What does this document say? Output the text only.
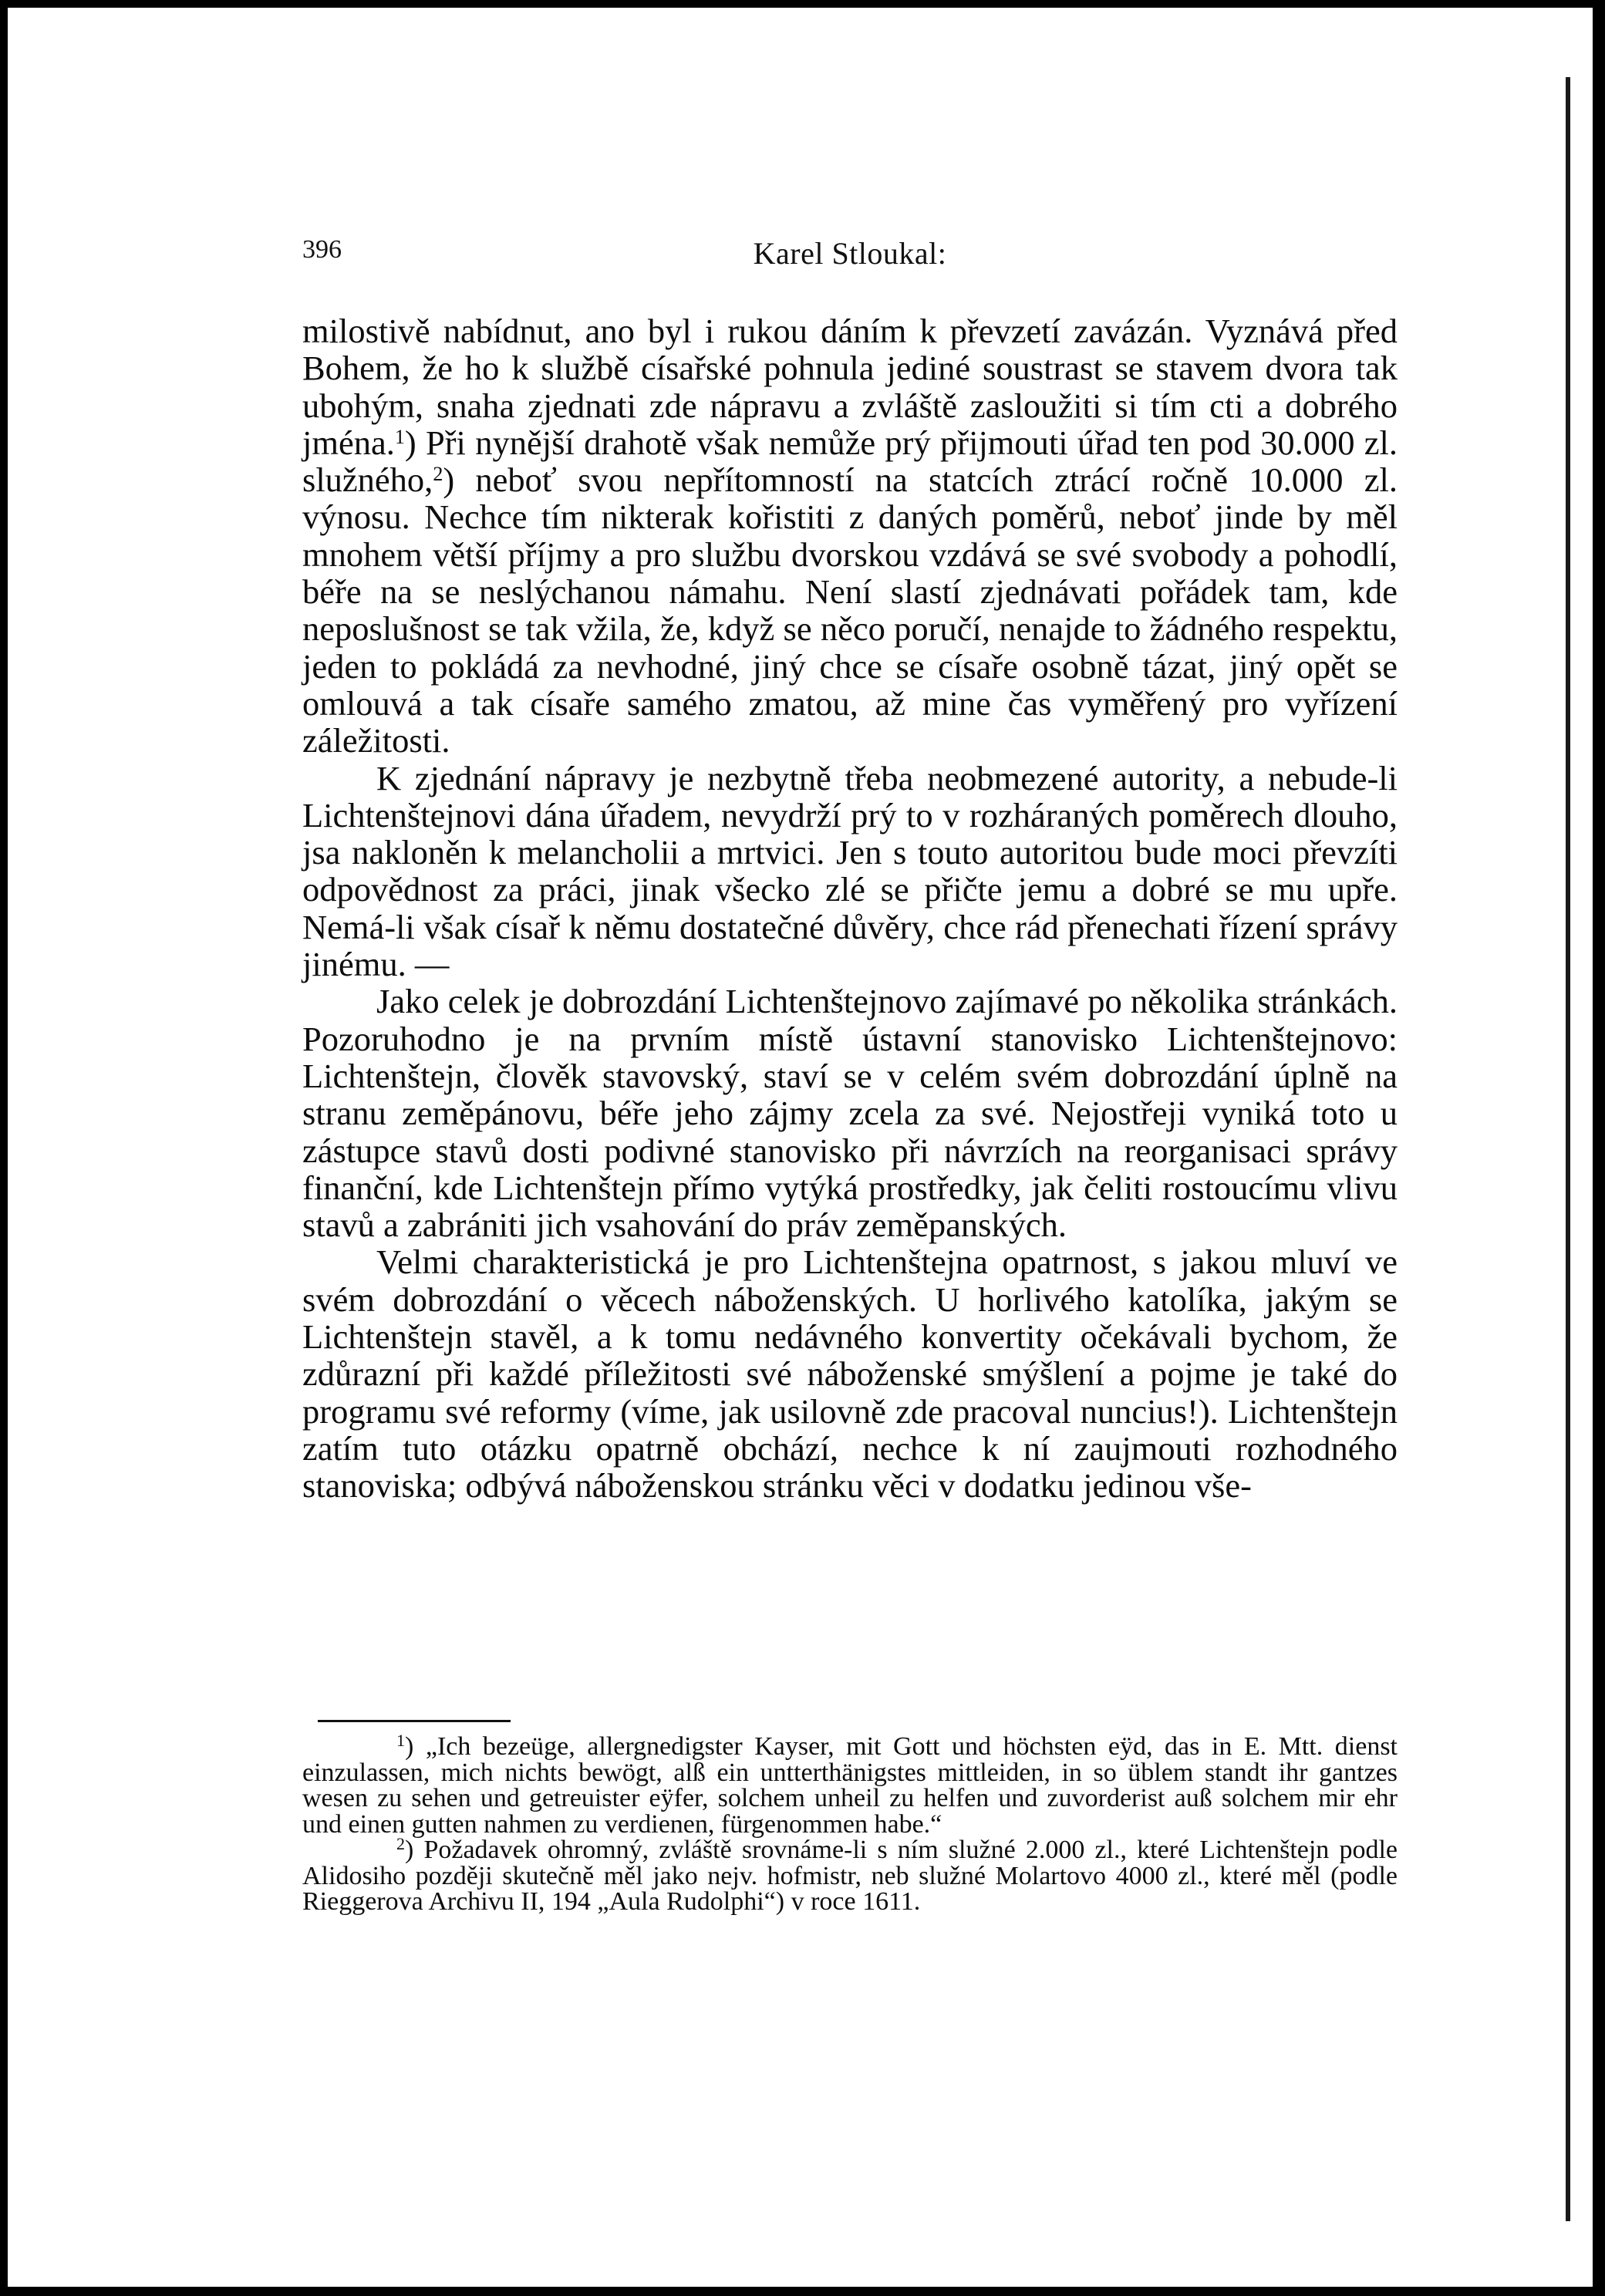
396	Karel Stloukal:

milostivě nabídnut, ano byl i rukou dáním k převzetí zavázán. Vyznává před Bohem, že ho k službě císařské pohnula jediné soustrast se stavem dvora tak ubohým, snaha zjednati zde nápravu a zvláště zasloužiti si tím cti a dobrého jména.$^1$) Při nynější drahotě však nemůže prý přijmouti úřad ten pod 30.000 zl. služného,$^2$) neboť svou nepřítomností na statcích ztrácí ročně 10.000 zl. výnosu. Nechce tím nikterak kořistiti z daných poměrů, neboť jinde by měl mnohem větší příjmy a pro službu dvorskou vzdává se své svobody a pohodlí, béře na se neslýchanou námahu. Není slastí zjednávati pořádek tam, kde neposlušnost se tak vžila, že, když se něco poručí, nenajde to žádného respektu, jeden to pokládá za nevhodné, jiný chce se císaře osobně tázat, jiný opět se omlouvá a tak císaře samého zmatou, až mine čas vyměřený pro vyřízení záležitosti.

K zjednání nápravy je nezbytně třeba neobmezené autority, a nebude-li Lichtenštejnovi dána úřadem, nevydrží prý to v rozháraných poměrech dlouho, jsa nakloněn k melancholii a mrtvici. Jen s touto autoritou bude moci převzíti odpovědnost za práci, jinak všecko zlé se přičte jemu a dobré se mu upře. Nemá-li však císař k němu dostatečné důvěry, chce rád přenechati řízení správy jinému. —

Jako celek je dobrozdání Lichtenštejnovo zajímavé po několika stránkách. Pozoruhodno je na prvním místě ústavní stanovisko Lichtenštejnovo: Lichtenštejn, člověk stavovský, staví se v celém svém dobrozdání úplně na stranu zeměpánovu, béře jeho zájmy zcela za své. Nejostřeji vyniká toto u zástupce stavů dosti podivné stanovisko při návrzích na reorganisaci správy finanční, kde Lichtenštejn přímo vytýká prostředky, jak čeliti rostoucímu vlivu stavů a zabrániti jich vsahování do práv zeměpanských.

Velmi charakteristická je pro Lichtenštejna opatrnost, s jakou mluví ve svém dobrozdání o věcech náboženských. U horlivého katolíka, jakým se Lichtenštejn stavěl, a k tomu nedávného konvertity očekávali bychom, že zdůrazní při každé příležitosti své náboženské smýšlení a pojme je také do programu své reformy (víme, jak usilovně zde pracoval nuncius!). Lichtenštejn zatím tuto otázku opatrně obchází, nechce k ní zaujmouti rozhodného stanoviska; odbývá náboženskou stránku věci v dodatku jedinou vše-

$^1$) „Ich bezeüge, allergnedigster Kayser, mit Gott und höchsten eÿd, das in E. Mtt. dienst einzulassen, mich nichts bewögt, alß ein untterthänigstes mittleiden, in so üblem standt ihr gantzes wesen zu sehen und getreuister eÿfer, solchem unheil zu helfen und zuvorderist auß solchem mir ehr und einen gutten nahmen zu verdienen, fürgenommen habe.“

$^2$) Požadavek ohromný, zvláště srovnáme-li s ním služné 2.000 zl., které Lichtenštejn podle Alidosiho později skutečně měl jako nejv. hofmistr, neb služné Molartovo 4000 zl., které měl (podle Rieggerova Archivu II, 194 „Aula Rudolphi“) v roce 1611.
